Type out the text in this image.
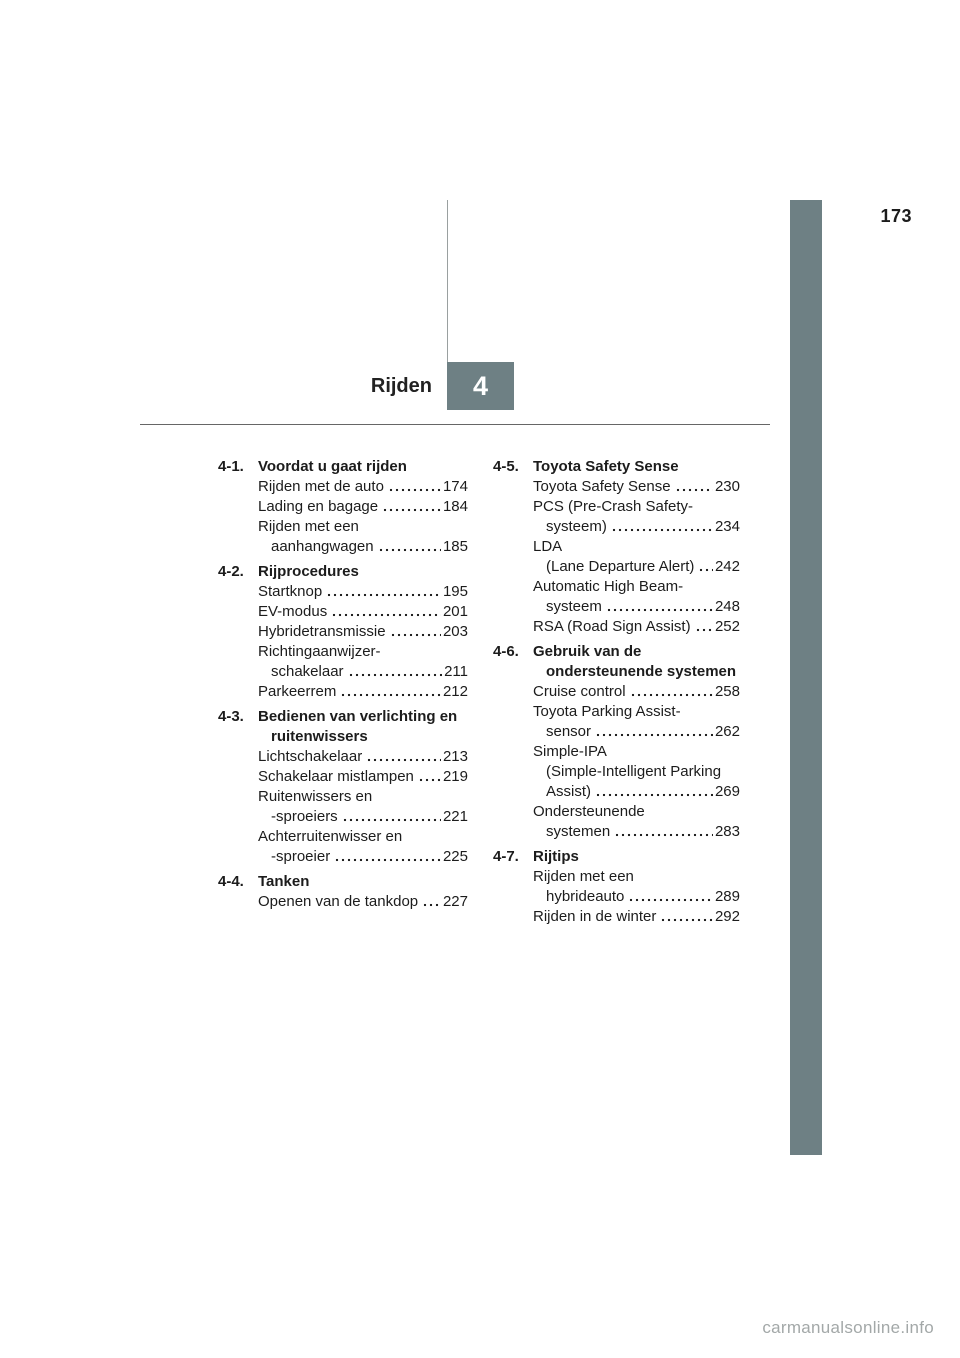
173
Rijden 4
4-1. Voordat u gaat rijden
Rijden met de auto	174
Lading en bagage	184
Rijden met een
aanhangwagen	185
4-2. Rijprocedures
Startknop	195
EV-modus	201
Hybridetransmissie	203
Richtingaanwijzer-
schakelaar	211
Parkeerrem	212
4-3. Bedienen van verlichting en
ruitenwissers
Lichtschakelaar	213
Schakelaar mistlampen 219
Ruitenwissers en
-sproeiers	221
Achterruitenwisser en
-sproeier	225
4-4. Tanken
Openen van de tankdop 227
4-5. Toyota Safety Sense
Toyota Safety Sense	230
PCS (Pre-Crash Safety-
systeem)	234
LDA
(Lane Departure Alert) 242
Automatic High Beam-
systeem	248
RSA (Road Sign Assist) 252
4-6. Gebruik van de
ondersteunende systemen
Cruise control	258
Toyota Parking Assist-
sensor	262
Simple-IPA
(Simple-Intelligent Parking
Assist)	269
Ondersteunende
systemen	283
4-7. Rijtips
Rijden met een
hybrideauto	289
Rijden in de winter	292
carmanualsonline.info
